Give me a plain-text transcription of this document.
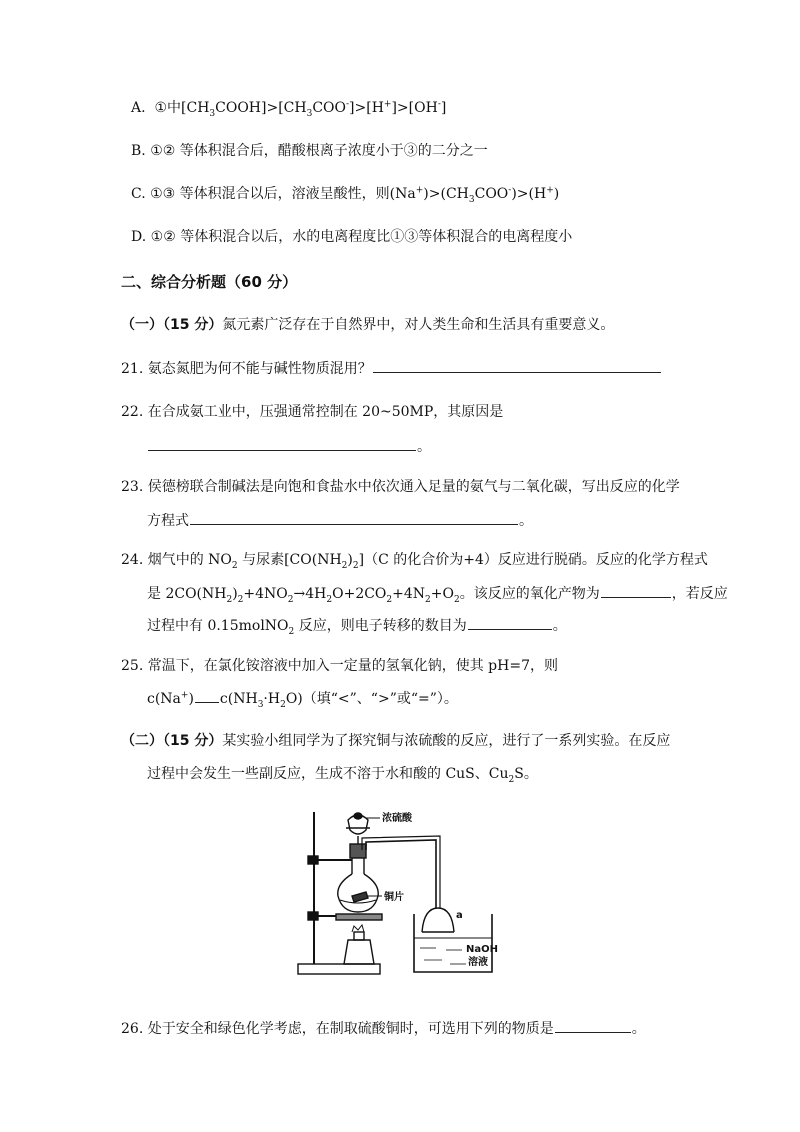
A. ①中$[CH_3COOH]>[CH_3COO^-]>[H^+]>[OH^-]$
B. ①② 等体积混合后，醋酸根离子浓度小于③的二分之一
C. ①③ 等体积混合以后，溶液呈酸性，则$(Na^+)>(CH_3COO^-)>(H^+)$
D. ①② 等体积混合以后，水的电离程度比①③等体积混合的电离程度小
二、综合分析题（60 分）
（一）（15 分）氮元素广泛存在于自然界中，对人类生命和生活具有重要意义。
21. 氨态氮肥为何不能与碱性物质混用？
22. 在合成氨工业中，压强通常控制在 20~50MP，其原因是
。
23. 侯德榜联合制碱法是向饱和食盐水中依次通入足量的氨气与二氧化碳，写出反应的化学
方程式	。
24. 烟气中的 $NO_2$ 与尿素$[CO(NH_2)_2](C$ 的化合价为+4）反应进行脱硝。反应的化学方程式
是 $2CO(NH_2)_2+4NO_2\to 4H_2O+2CO_2+4N_2+O_2$。该反应的氧化产物为	，若反应
过程中有 0.15molNO$_2$ 反应，则电子转移的数目为	。
25. 常温下，在氯化铵溶液中加入一定量的氢氧化钠，使其 pH=7，则
c(Na+) $c(NH_3\cdot H_2O)$（填“<”、“>”或“=”）。
（二）（15 分）某实验小组同学为了探究铜与浓硫酸的反应，进行了一系列实验。在反应
过程中会发生一些副反应，生成不溶于水和酸的 CuS、$Cu_2S$。
浓硫酸
铜片
a
NaOH
溶液
26. 处于安全和绿色化学考虑，在制取硫酸铜时，可选用下列的物质是	。
